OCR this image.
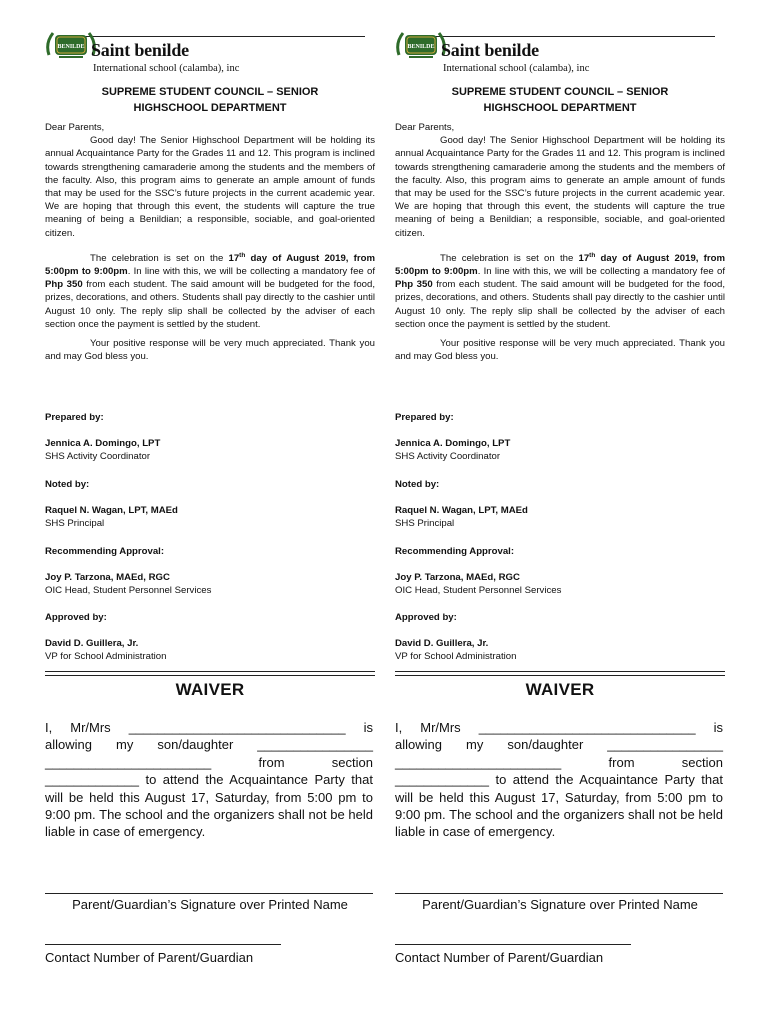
BENILDE Saint benilde
International school (calamba), inc
SUPREME STUDENT COUNCIL – SENIOR
HIGHSCHOOL DEPARTMENT

Dear Parents,

Good day! The Senior Highschool Department will be holding its annual Acquaintance Party for the Grades 11 and 12. This program is inclined towards strengthening camaraderie among the students and the members of the faculty. Also, this program aims to generate an ample amount of funds that may be used for the SSC’s future projects in the current academic year. We are hoping that through this event, the students will capture the true meaning of being a Benildian; a responsible, sociable, and goal-oriented citizen.

The celebration is set on the 17th day of August 2019, from 5:00pm to 9:00pm. In line with this, we will be collecting a mandatory fee of Php 350 from each student. The said amount will be budgeted for the food, prizes, decorations, and others. Students shall pay directly to the cashier until August 10 only. The reply slip shall be collected by the adviser of each section once the payment is settled by the student.

Your positive response will be very much appreciated. Thank you and may God bless you.

Prepared by:
Jennica A. Domingo, LPT
SHS Activity Coordinator
Noted by:
Raquel N. Wagan, LPT, MAEd
SHS Principal
Recommending Approval:
Joy P. Tarzona, MAEd, RGC
OIC Head, Student Personnel Services
Approved by:
David D. Guillera, Jr.
VP for School Administration
WAIVER
I, Mr/Mrs ______________________________ is allowing my son/daughter ________________ _______________________ from section _____________ to attend the Acquaintance Party that will be held this August 17, Saturday, from 5:00 pm to 9:00 pm. The school and the organizers shall not be held liable in case of emergency.
Parent/Guardian’s Signature over Printed Name
Contact Number of Parent/Guardian
BENILDE Saint benilde
International school (calamba), inc
SUPREME STUDENT COUNCIL – SENIOR
HIGHSCHOOL DEPARTMENT

Dear Parents,

Good day! The Senior Highschool Department will be holding its annual Acquaintance Party for the Grades 11 and 12. This program is inclined towards strengthening camaraderie among the students and the members of the faculty. Also, this program aims to generate an ample amount of funds that may be used for the SSC’s future projects in the current academic year. We are hoping that through this event, the students will capture the true meaning of being a Benildian; a responsible, sociable, and goal-oriented citizen.

The celebration is set on the 17th day of August 2019, from 5:00pm to 9:00pm. In line with this, we will be collecting a mandatory fee of Php 350 from each student. The said amount will be budgeted for the food, prizes, decorations, and others. Students shall pay directly to the cashier until August 10 only. The reply slip shall be collected by the adviser of each section once the payment is settled by the student.

Your positive response will be very much appreciated. Thank you and may God bless you.

Prepared by:
Jennica A. Domingo, LPT
SHS Activity Coordinator
Noted by:
Raquel N. Wagan, LPT, MAEd
SHS Principal
Recommending Approval:
Joy P. Tarzona, MAEd, RGC
OIC Head, Student Personnel Services
Approved by:
David D. Guillera, Jr.
VP for School Administration
WAIVER
I, Mr/Mrs ______________________________ is allowing my son/daughter ________________ _______________________ from section _____________ to attend the Acquaintance Party that will be held this August 17, Saturday, from 5:00 pm to 9:00 pm. The school and the organizers shall not be held liable in case of emergency.
Parent/Guardian’s Signature over Printed Name
Contact Number of Parent/Guardian
